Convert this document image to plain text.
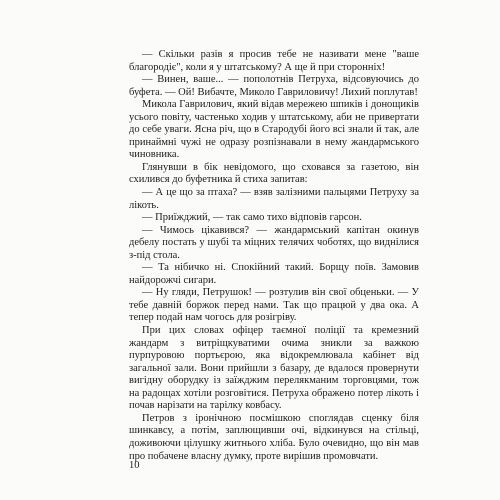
— Скільки разів я просив тебе не називати мене "ваше благородіє", коли я у штатському? А ще й при сторонніх!

— Винен, ваше... — пополотнів Петруха, відсовуючись до буфета. — Ой! Вибачте, Миколо Гавриловичу! Лихий поплутав!

Микола Гаврилович, який відав мережею шпиків і донощиків усього повіту, частенько ходив у штатському, аби не привертати до себе уваги. Ясна річ, що в Стародубі його всі знали й так, але принаймні чужі не одразу розпізнавали в нему жандармського чиновника.

Глянувши в бік невідомого, що сховався за газетою, він схилився до буфетника й стиха запитав:

— А це що за птаха? — взяв залізними пальцями Петруху за лікоть.

— Приїжджий, — так само тихо відповів гарсон.

— Чимось цікавився? — жандармський капітан окинув дебелу постать у шубі та міцних телячих чоботях, що виднілися з-під стола.

— Та нібичко ні. Спокійний такий. Борщу поїв. Замовив найдорожчі сигари.

— Ну гляди, Петрушок! — розтулив він свої обценьки. — У тебе давній боржок перед нами. Так що працюй у два ока. А тепер подай нам чогось для розігріву.

При цих словах офіцер таємної поліції та кремезний жандарм з витріщкуватими очима зникли за важкою пурпуровою портьєрою, яка відокремлювала кабінет від загальної зали. Вони прийшли з базару, де вдалося провернути вигідну оборудку із заїжджим перелякманим торговцями, тож на радощах хотіли розговітися. Петруха ображено потер лікоть і почав нарізати на тарілку ковбасу.

Петров з іронічною посмішкою споглядав сценку біля шинкавсу, а потім, заплющивши очі, відкинувся на стільці, доживоючи цілушку житнього хліба. Було очевидно, що він мав про побачене власну думку, проте вирішив промовчати.

10
